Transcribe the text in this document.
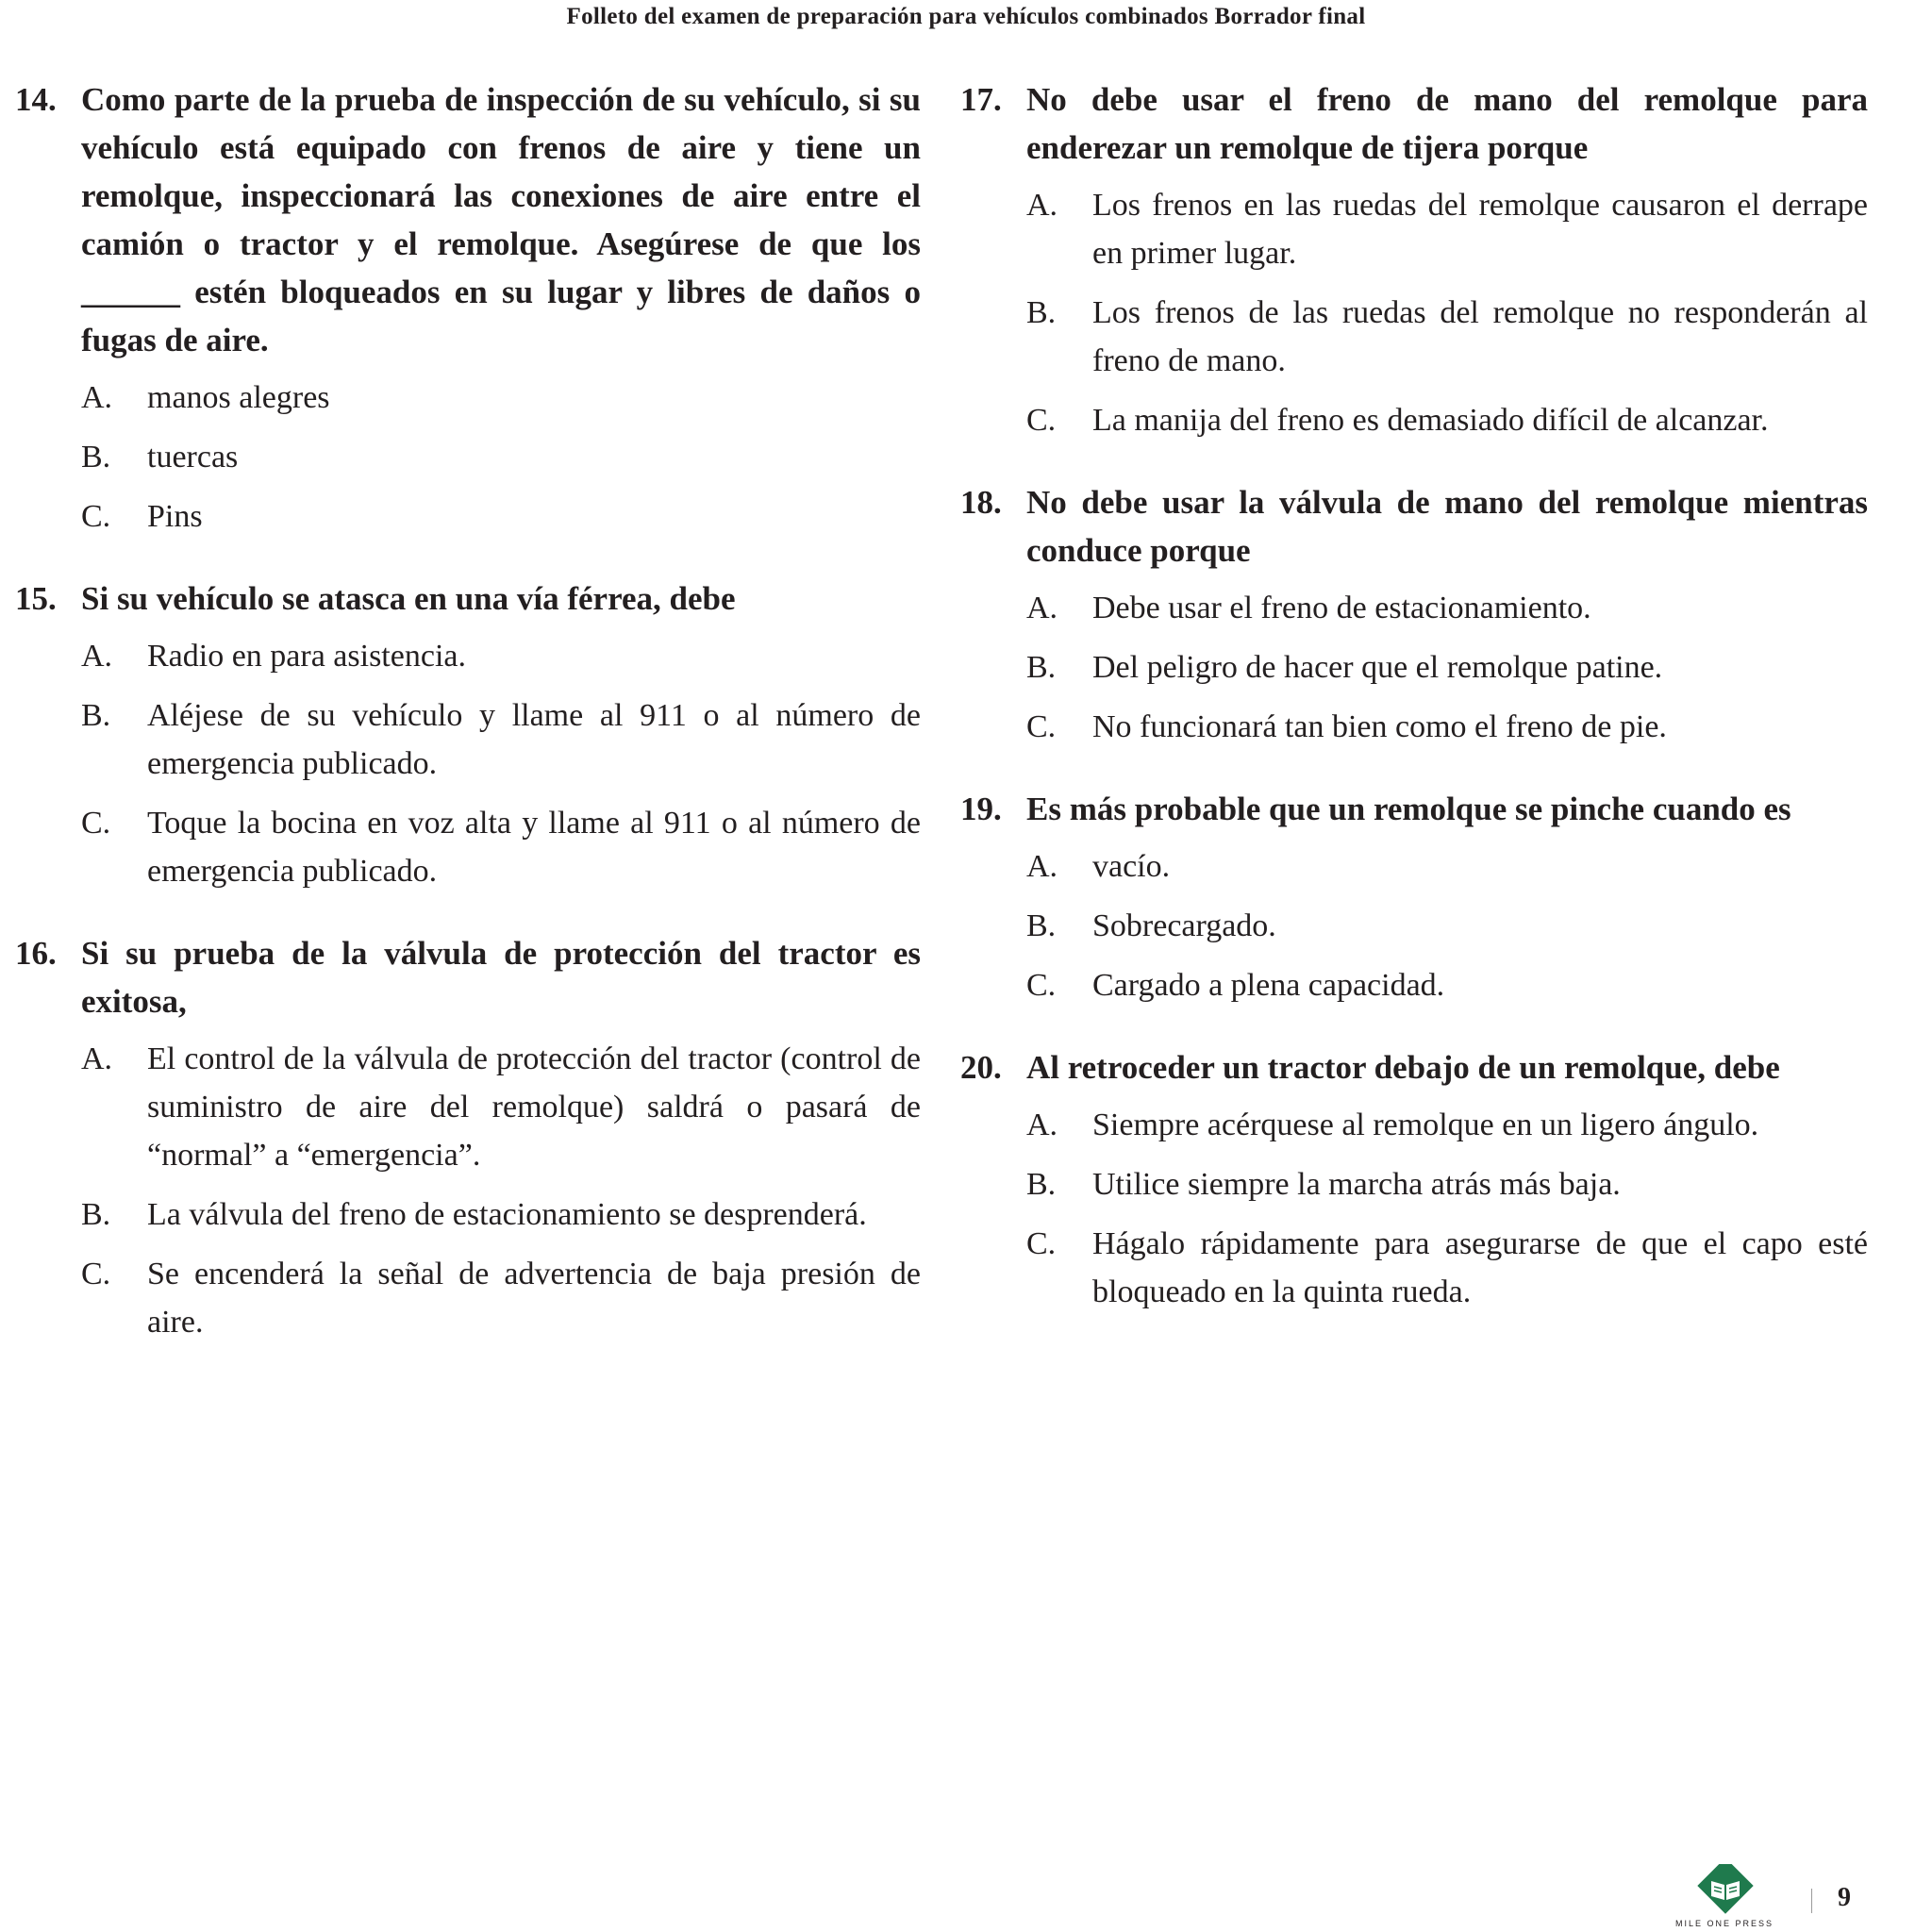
Folleto del examen de preparación para vehículos combinados Borrador final
14. Como parte de la prueba de inspección de su vehículo, si su vehículo está equipado con frenos de aire y tiene un remolque, inspeccionará las conexiones de aire entre el camión o tractor y el remolque. Asegúrese de que los ______ estén bloqueados en su lugar y libres de daños o fugas de aire.
A.	manos alegres
B.	tuercas
C.	Pins
15. Si su vehículo se atasca en una vía férrea, debe
A.	Radio en para asistencia.
B.	Aléjese de su vehículo y llame al 911 o al número de emergencia publicado.
C.	Toque la bocina en voz alta y llame al 911 o al número de emergencia publicado.
16. Si su prueba de la válvula de protección del tractor es exitosa,
A.	El control de la válvula de protección del tractor (control de suministro de aire del remolque) saldrá o pasará de “normal” a “emergencia”.
B.	La válvula del freno de estacionamiento se desprenderá.
C.	Se encenderá la señal de advertencia de baja presión de aire.
17. No debe usar el freno de mano del remolque para enderezar un remolque de tijera porque
A.	Los frenos en las ruedas del remolque causaron el derrape en primer lugar.
B.	Los frenos de las ruedas del remolque no responderán al freno de mano.
C.	La manija del freno es demasiado difícil de alcanzar.
18. No debe usar la válvula de mano del remolque mientras conduce porque
A.	Debe usar el freno de estacionamiento.
B.	Del peligro de hacer que el remolque patine.
C.	No funcionará tan bien como el freno de pie.
19. Es más probable que un remolque se pinche cuando es
A.	vacío.
B.	Sobrecargado.
C.	Cargado a plena capacidad.
20. Al retroceder un tractor debajo de un remolque, debe
A.	Siempre acérquese al remolque en un ligero ángulo.
B.	Utilice siempre la marcha atrás más baja.
C.	Hágalo rápidamente para asegurarse de que el capo esté bloqueado en la quinta rueda.
MILE ONE PRESS
9
